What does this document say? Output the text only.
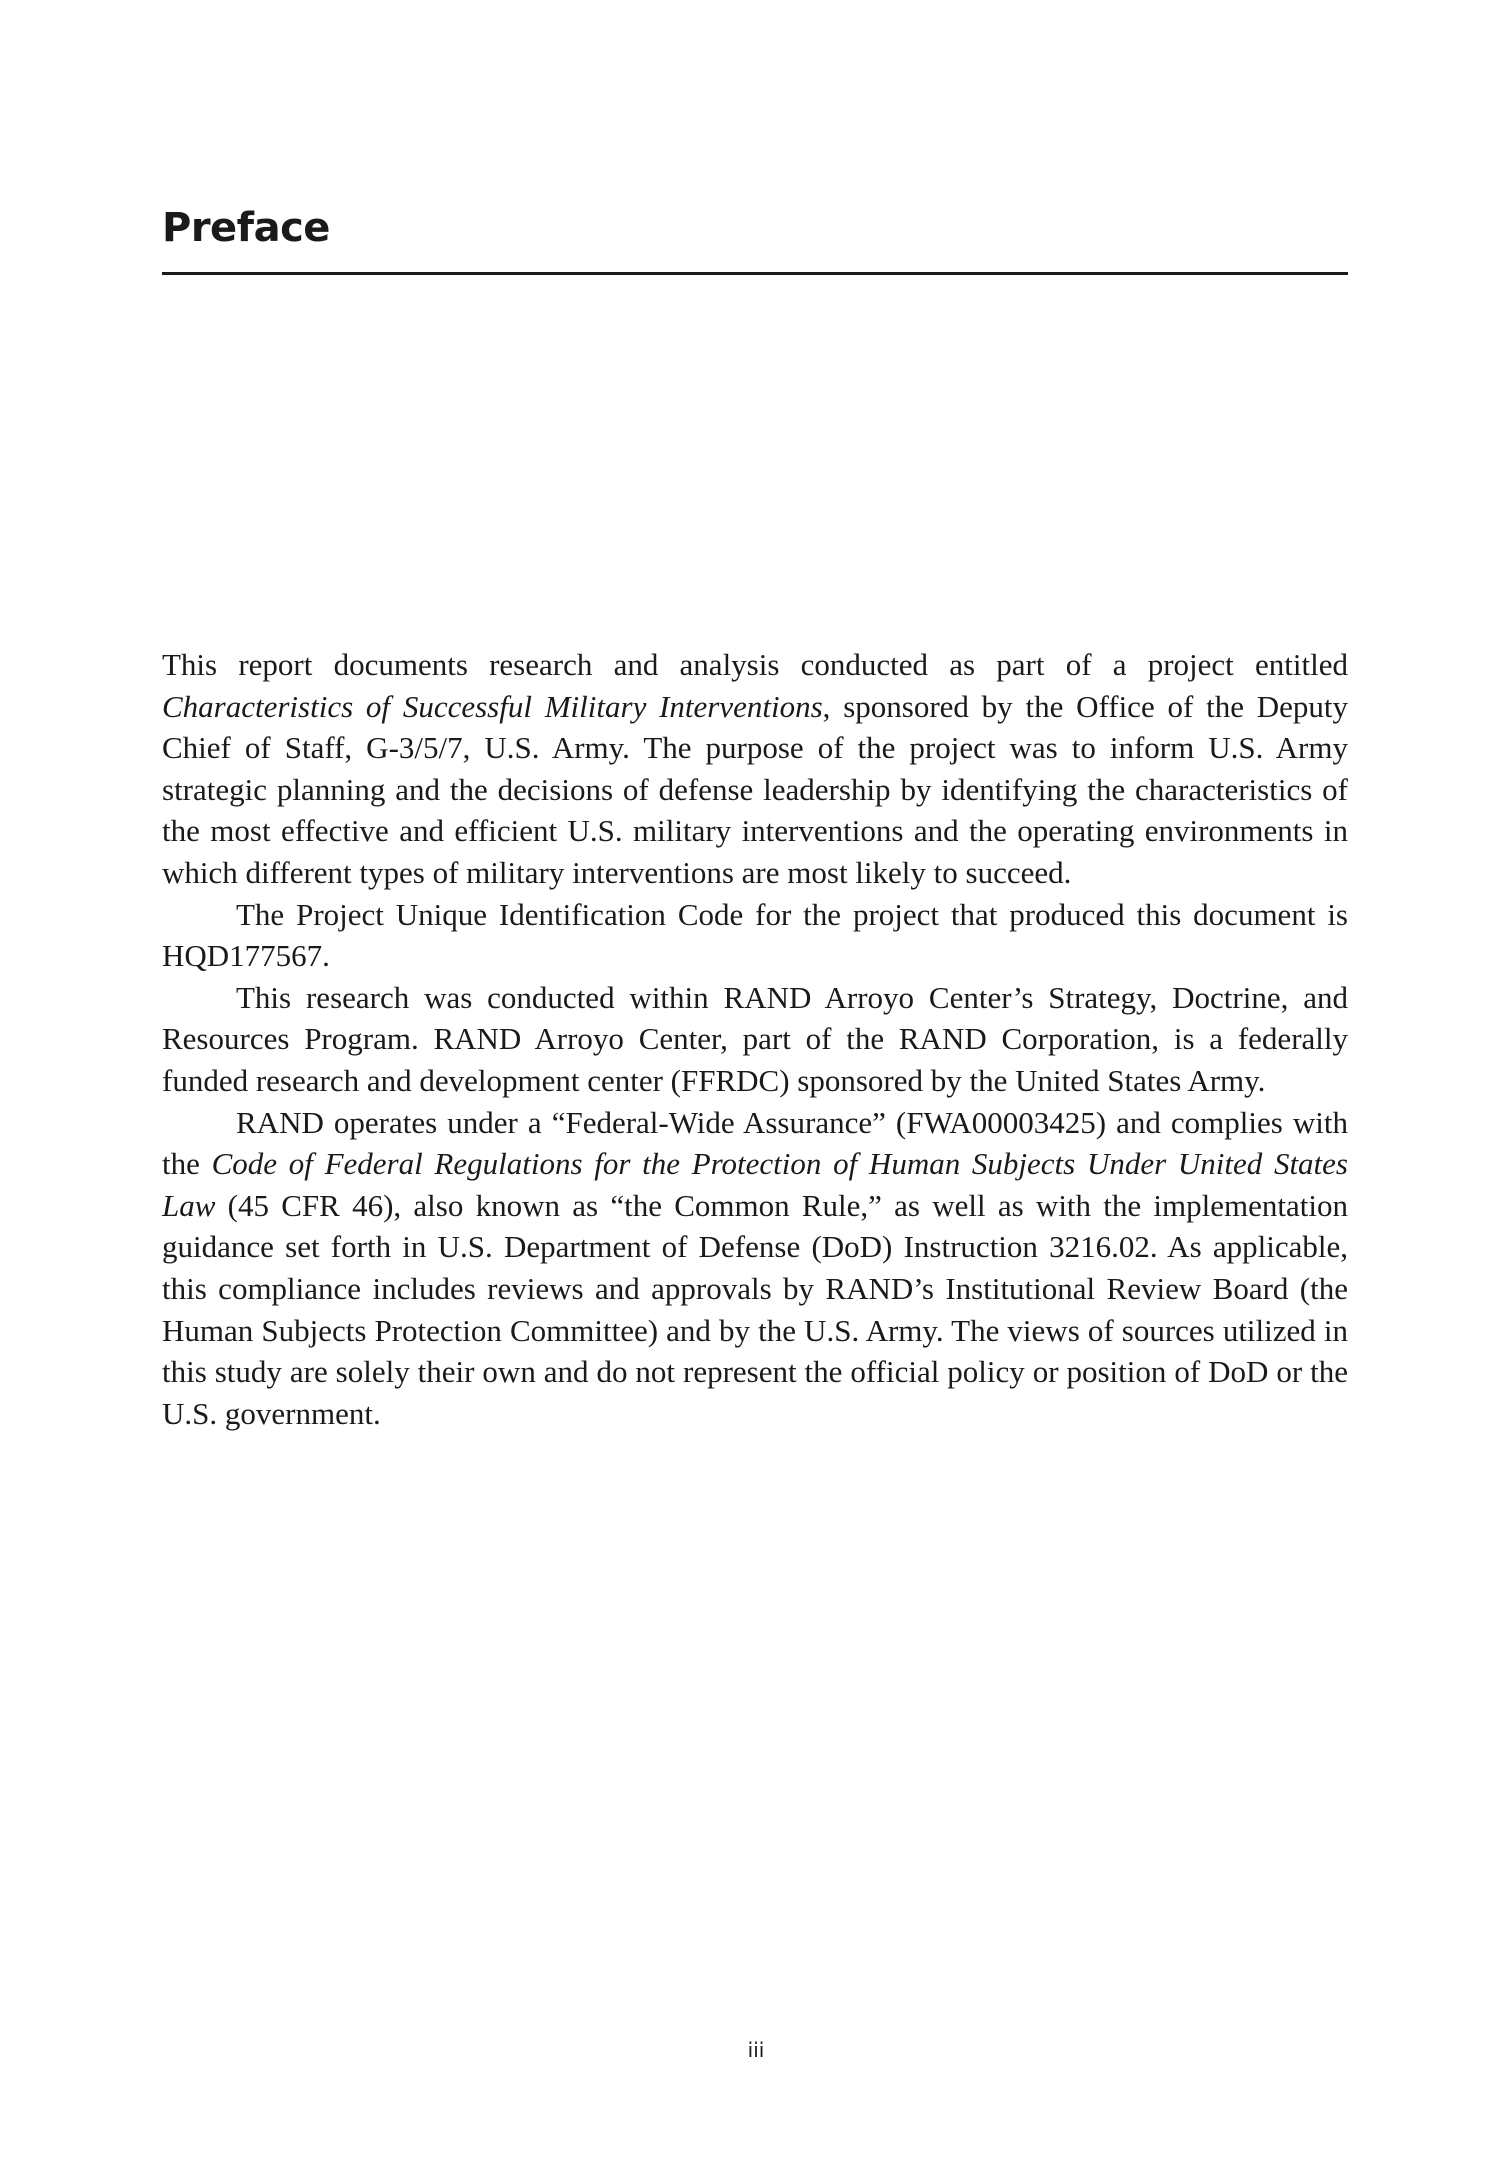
Preface

This report documents research and analysis conducted as part of a project entitled Characteristics of Successful Military Interventions, sponsored by the Office of the Deputy Chief of Staff, G-3/5/7, U.S. Army. The purpose of the project was to inform U.S. Army strategic planning and the decisions of defense leadership by identifying the characteristics of the most effective and efficient U.S. military interventions and the operating environments in which different types of military interventions are most likely to succeed.

The Project Unique Identification Code for the project that produced this document is HQD177567.

This research was conducted within RAND Arroyo Center’s Strategy, Doctrine, and Resources Program. RAND Arroyo Center, part of the RAND Corporation, is a federally funded research and development center (FFRDC) sponsored by the United States Army.

RAND operates under a “Federal-Wide Assurance” (FWA00003425) and complies with the Code of Federal Regulations for the Protection of Human Subjects Under United States Law (45 CFR 46), also known as “the Common Rule,” as well as with the implementation guidance set forth in U.S. Department of Defense (DoD) Instruction 3216.02. As applicable, this compliance includes reviews and approvals by RAND’s Institutional Review Board (the Human Subjects Protection Committee) and by the U.S. Army. The views of sources utilized in this study are solely their own and do not represent the official policy or position of DoD or the U.S. government.

iii
